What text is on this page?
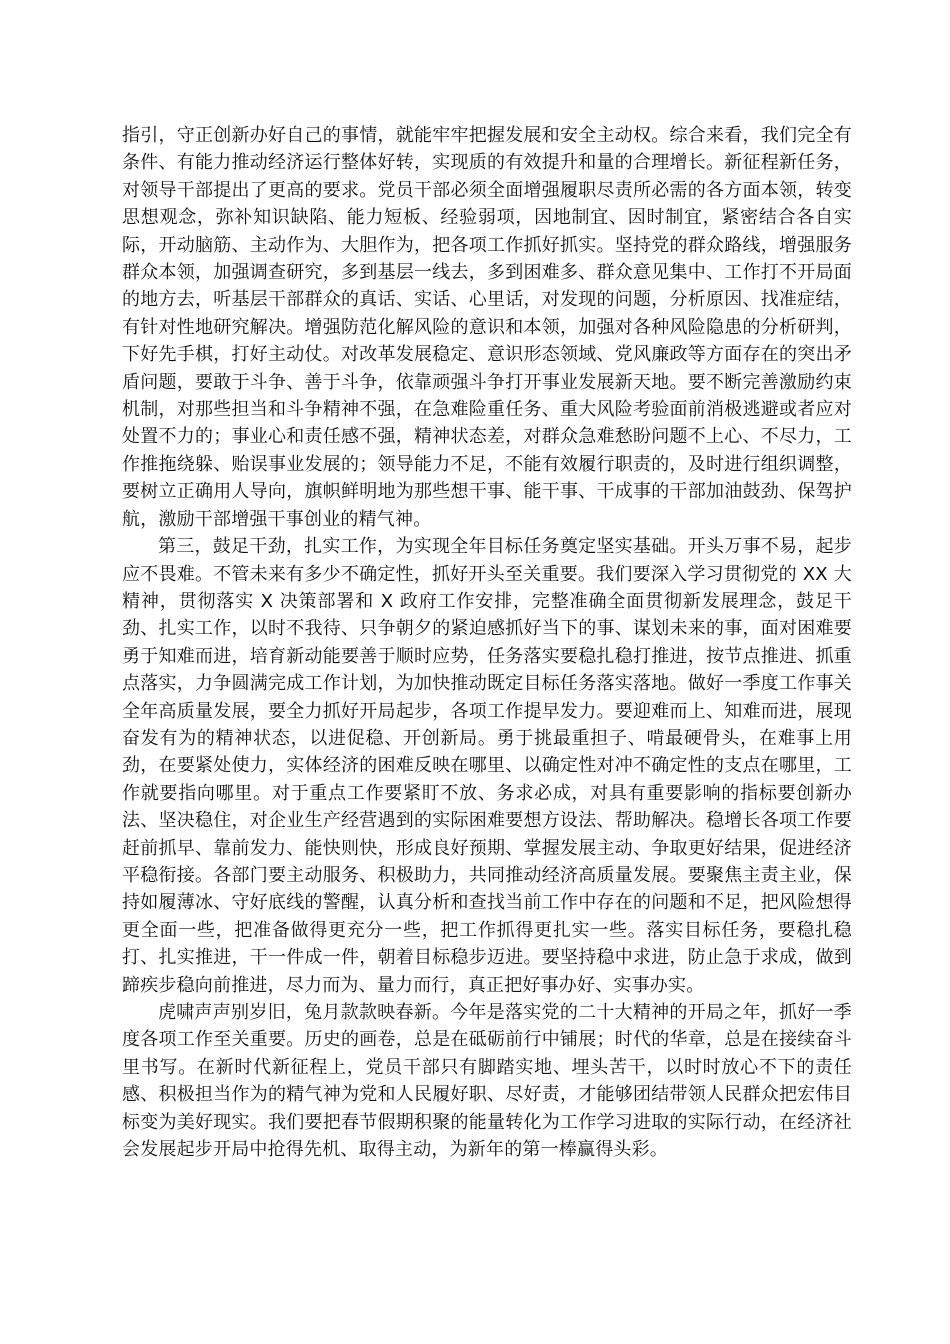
指引，守正创新办好自己的事情，就能牢牢把握发展和安全主动权。综合来看，我们完全有条件、有能力推动经济运行整体好转，实现质的有效提升和量的合理增长。新征程新任务，对领导干部提出了更高的要求。党员干部必须全面增强履职尽责所必需的各方面本领，转变思想观念，弥补知识缺陷、能力短板、经验弱项，因地制宜、因时制宜，紧密结合各自实际，开动脑筋、主动作为、大胆作为，把各项工作抓好抓实。坚持党的群众路线，增强服务群众本领，加强调查研究，多到基层一线去，多到困难多、群众意见集中、工作打不开局面的地方去，听基层干部群众的真话、实话、心里话，对发现的问题，分析原因、找准症结，有针对性地研究解决。增强防范化解风险的意识和本领，加强对各种风险隐患的分析研判，下好先手棋，打好主动仗。对改革发展稳定、意识形态领域、党风廉政等方面存在的突出矛盾问题，要敢于斗争、善于斗争，依靠顽强斗争打开事业发展新天地。要不断完善激励约束机制，对那些担当和斗争精神不强，在急难险重任务、重大风险考验面前消极逃避或者应对处置不力的；事业心和责任感不强，精神状态差，对群众急难愁盼问题不上心、不尽力，工作推拖绕躲、贻误事业发展的；领导能力不足，不能有效履行职责的，及时进行组织调整，要树立正确用人导向，旗帜鲜明地为那些想干事、能干事、干成事的干部加油鼓劲、保驾护航，激励干部增强干事创业的精气神。

第三，鼓足干劲，扎实工作，为实现全年目标任务奠定坚实基础。开头万事不易，起步应不畏难。不管未来有多少不确定性，抓好开头至关重要。我们要深入学习贯彻党的 XX 大精神，贯彻落实 X 决策部署和 X 政府工作安排，完整准确全面贯彻新发展理念，鼓足干劲、扎实工作，以时不我待、只争朝夕的紧迫感抓好当下的事、谋划未来的事，面对困难要勇于知难而进，培育新动能要善于顺时应势，任务落实要稳扎稳打推进，按节点推进、抓重点落实，力争圆满完成工作计划，为加快推动既定目标任务落实落地。做好一季度工作事关全年高质量发展，要全力抓好开局起步，各项工作提早发力。要迎难而上、知难而进，展现奋发有为的精神状态，以进促稳、开创新局。勇于挑最重担子、啃最硬骨头，在难事上用劲，在要紧处使力，实体经济的困难反映在哪里、以确定性对冲不确定性的支点在哪里，工作就要指向哪里。对于重点工作要紧盯不放、务求必成，对具有重要影响的指标要创新办法、坚决稳住，对企业生产经营遇到的实际困难要想方设法、帮助解决。稳增长各项工作要赶前抓早、靠前发力、能快则快，形成良好预期、掌握发展主动、争取更好结果，促进经济平稳衔接。各部门要主动服务、积极助力，共同推动经济高质量发展。要聚焦主责主业，保持如履薄冰、守好底线的警醒，认真分析和查找当前工作中存在的问题和不足，把风险想得更全面一些，把准备做得更充分一些，把工作抓得更扎实一些。落实目标任务，要稳扎稳打、扎实推进，干一件成一件，朝着目标稳步迈进。要坚持稳中求进，防止急于求成，做到蹄疾步稳向前推进，尽力而为、量力而行，真正把好事办好、实事办实。

虎啸声声别岁旧，兔月款款映春新。今年是落实党的二十大精神的开局之年，抓好一季度各项工作至关重要。历史的画卷，总是在砥砺前行中铺展；时代的华章，总是在接续奋斗里书写。在新时代新征程上，党员干部只有脚踏实地、埋头苦干，以时时放心不下的责任感、积极担当作为的精气神为党和人民履好职、尽好责，才能够团结带领人民群众把宏伟目标变为美好现实。我们要把春节假期积聚的能量转化为工作学习进取的实际行动，在经济社会发展起步开局中抢得先机、取得主动，为新年的第一棒赢得头彩。
